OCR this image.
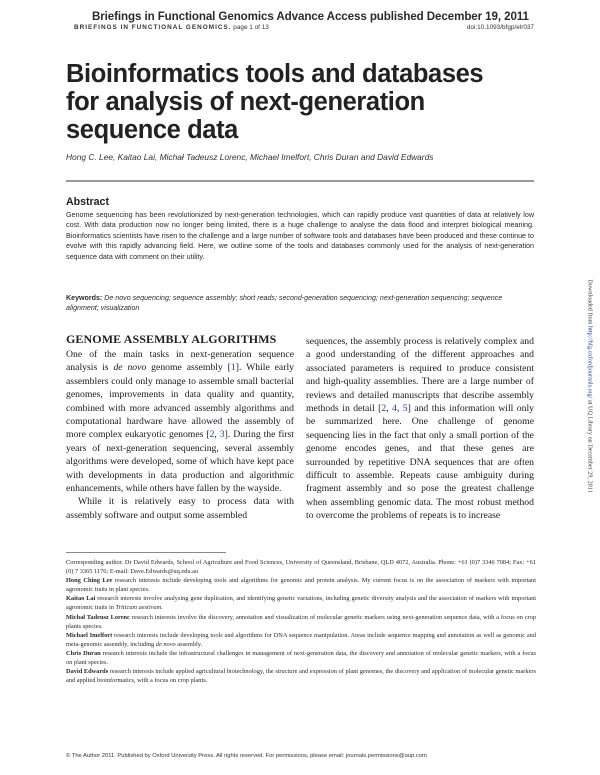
Briefings in Functional Genomics Advance Access published December 19, 2011
BRIEFINGS IN FUNCTIONAL GENOMICS. page 1 of 13	doi:10.1093/bfgp/elr037
Bioinformatics tools and databases for analysis of next-generation sequence data
Hong C. Lee, Kaitao Lai, Michał Tadeusz Lorenc, Michael Imelfort, Chris Duran and David Edwards
Abstract

Genome sequencing has been revolutionized by next-generation technologies, which can rapidly produce vast quantities of data at relatively low cost. With data production now no longer being limited, there is a huge challenge to analyse the data flood and interpret biological meaning. Bioinformatics scientists have risen to the challenge and a large number of software tools and databases have been produced and these continue to evolve with this rapidly advancing field. Here, we outline some of the tools and databases commonly used for the analysis of next-generation sequence data with comment on their utility.

Keywords: De novo sequencing; sequence assembly; short reads; second-generation sequencing; next-generation sequencing; sequence alignment; visualization
GENOME ASSEMBLY ALGORITHMS

One of the main tasks in next-generation sequence analysis is de novo genome assembly [1]. While early assemblers could only manage to assemble small bacterial genomes, improvements in data quality and quantity, combined with more advanced assembly algorithms and computational hardware have allowed the assembly of more complex eukaryotic genomes [2, 3]. During the first years of next-generation sequencing, several assembly algorithms were developed, some of which have kept pace with developments in data production and algorithmic enhancements, while others have fallen by the wayside.

While it is relatively easy to process data with assembly software and output some assembled

sequences, the assembly process is relatively complex and a good understanding of the different approaches and associated parameters is required to produce consistent and high-quality assemblies. There are a large number of reviews and detailed manuscripts that describe assembly methods in detail [2, 4, 5] and this information will only be summarized here. One challenge of genome sequencing lies in the fact that only a small portion of the genome encodes genes, and that these genes are surrounded by repetitive DNA sequences that are often difficult to assemble. Repeats cause ambiguity during fragment assembly and so pose the greatest challenge when assembling genomic data. The most robust method to overcome the problems of repeats is to increase

Downloaded from http://bfg.oxfordjournals.org/ at UQ Library on December 29, 2011

Corresponding author. Dr David Edwards, School of Agriculture and Food Sciences, University of Queensland, Brisbane, QLD 4072, Australia. Phone: +61 (0)7 3346 7084; Fax: +61 (0) 7 3365 1176; E-mail: Dave.Edwards@uq.edu.au

Hong Ching Lee research interests include developing tools and algorithms for genomic and protein analysis. My current focus is on the association of markers with important agronomic traits in plant species.

Kaitao Lai research interests involve analysing gene duplication, and identifying genetic variations, including genetic diversity analysis and the association of markers with important agronomic traits in Triticum aestivum.

Michał Tadeusz Lorenc research interests involve the discovery, annotation and visualization of molecular genetic markers using next-generation sequence data, with a focus on crop plants species.

Michael Imelfort research interests include developing tools and algorithms for DNA sequence manipulation. Areas include sequence mapping and annotation as well as genomic and meta-genomic assembly, including de novo assembly.

Chris Duran research interests include the infrastructural challenges in management of next-generation data, the discovery and annotation of molecular genetic markers, with a focus on plant species.

David Edwards research interests include applied agricultural biotechnology, the structure and expression of plant genomes, the discovery and application of molecular genetic markers and applied bioinformatics, with a focus on crop plants.

© The Author 2011. Published by Oxford University Press. All rights reserved. For permissions, please email: journals.permissions@oup.com
